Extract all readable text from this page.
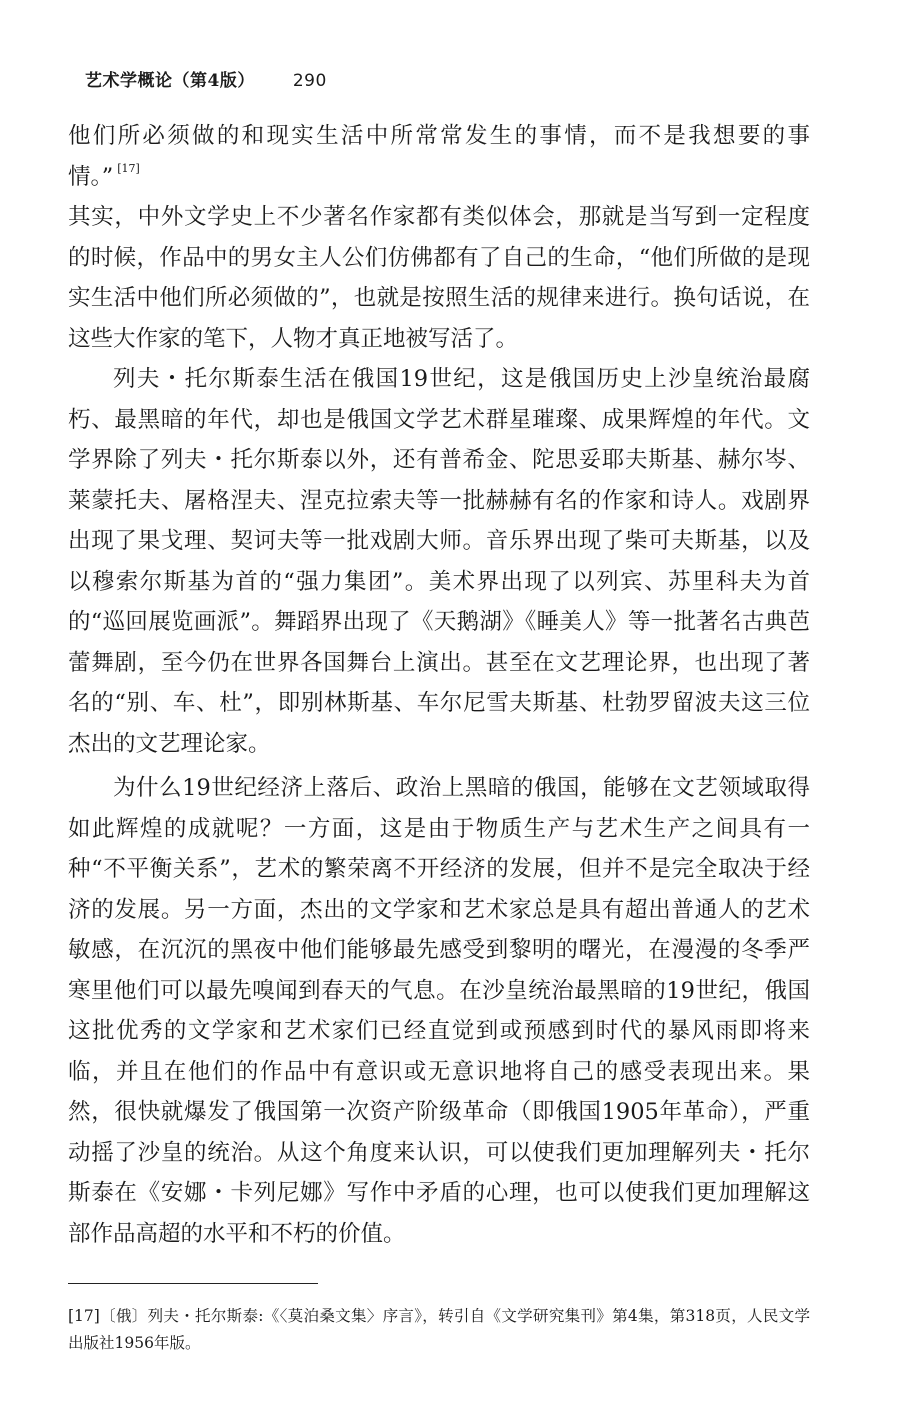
艺术学概论（第4版） 290

他们所必须做的和现实生活中所常常发生的事情，而不是我想要的事情。” [17]
其实，中外文学史上不少著名作家都有类似体会，那就是当写到一定程度的时候，作品中的男女主人公们仿佛都有了自己的生命，“他们所做的是现实生活中他们所必须做的”，也就是按照生活的规律来进行。换句话说，在这些大作家的笔下，人物才真正地被写活了。

列夫・托尔斯泰生活在俄国19世纪，这是俄国历史上沙皇统治最腐朽、最黑暗的年代，却也是俄国文学艺术群星璀璨、成果辉煌的年代。文学界除了列夫・托尔斯泰以外，还有普希金、陀思妥耶夫斯基、赫尔岑、莱蒙托夫、屠格涅夫、涅克拉索夫等一批赫赫有名的作家和诗人。戏剧界出现了果戈理、契诃夫等一批戏剧大师。音乐界出现了柴可夫斯基，以及以穆索尔斯基为首的“强力集团”。美术界出现了以列宾、苏里科夫为首的“巡回展览画派”。舞蹈界出现了《天鹅湖》《睡美人》等一批著名古典芭蕾舞剧，至今仍在世界各国舞台上演出。甚至在文艺理论界，也出现了著名的“别、车、杜”，即别林斯基、车尔尼雪夫斯基、杜勃罗留波夫这三位杰出的文艺理论家。

为什么19世纪经济上落后、政治上黑暗的俄国，能够在文艺领域取得如此辉煌的成就呢？一方面，这是由于物质生产与艺术生产之间具有一种“不平衡关系”，艺术的繁荣离不开经济的发展，但并不是完全取决于经济的发展。另一方面，杰出的文学家和艺术家总是具有超出普通人的艺术敏感，在沉沉的黑夜中他们能够最先感受到黎明的曙光，在漫漫的冬季严寒里他们可以最先嗅闻到春天的气息。在沙皇统治最黑暗的19世纪，俄国这批优秀的文学家和艺术家们已经直觉到或预感到时代的暴风雨即将来临，并且在他们的作品中有意识或无意识地将自己的感受表现出来。果然，很快就爆发了俄国第一次资产阶级革命（即俄国1905年革命），严重动摇了沙皇的统治。从这个角度来认识，可以使我们更加理解列夫・托尔斯泰在《安娜・卡列尼娜》写作中矛盾的心理，也可以使我们更加理解这部作品高超的水平和不朽的价值。

[17]〔俄〕列夫・托尔斯泰:《〈莫泊桑文集〉序言》，转引自《文学研究集刊》第4集，第318页，人民文学出版社1956年版。
